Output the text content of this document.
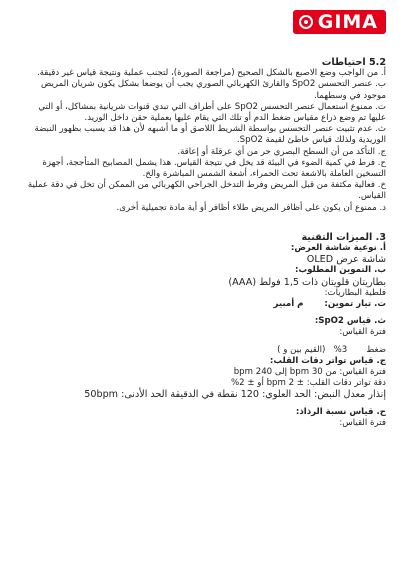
GIMA

5.2 احتياطات

أ. من الواجب وضع الاصبع بالشكل الصحيح (مراجعة الصورة)، لتجنب عملية ونتيجة قياس غير دقيقة.

ب. عنصر التحسس SpO2 والقارئ الكهربائي الصوري يجب أن يوضعا بشكل يكون شريان المريض موجود في وسطهما.

ت. ممنوع استعمال عنصر التحسس SpO2 على أطراف التي تبدي قنوات شريانية بمشاكل، أو التي عليها تم وضع ذراع مقياس ضغط الدم أو تلك التي يقام عليها بعملية حقن داخل الوريد.

ث. عدم تثبيت عنصر التحسس بواسطة الشريط اللاصق أو ما أشبهه لأن هذا قد يسبب بظهور النبضة الوريدية ولذلك قياس خاطئ لقيمة SpO2.

ج. التأكد من أن السطح البصري حر من أي عرقلة أو إعاقة.

ح. فرط في كمية الضوء في البيئة قد يخل في نتيجة القياس. هذا يشمل المصابيح المتأججة، أجهزة التسخين العاملة بالاشعة تحت الحمراء، أشعة الشمس المباشرة والخ.

خ. فعالية مكثفة من قبل المريض وفرط التدخل الجراحي الكهربائي من الممكن أن تخل في دقة عملية القياس.

د. ممنوع أن يكون على أظافر المريض طلاء أظافر أو أية مادة تجميلية أخرى.

3. الميزات التقنية

أ. نوعية شاشة العرض:

شاشة عرض OLED

ب. التموين المطلوب:

بطاريتان قلويتان ذات 1,5 فولط (AAA)

فلطية البطاريات:

ت. تيار تموين:       م أمبير

ث. قياس SpO2:

فترة القياس:

ضغط       3%   (القيم بين و )

ج. قياس تواتر دقات القلب:

فترة القياس: من 30 bpm إلى 240 bpm

دقة تواتر دقات القلب: ± 2 bpm أو ± 2%

إنذار معدل النبض: الحد العلوي: 120 نقطة في الدقيقة الحد الأدنى: 50bpm

ح. قياس نسبة الرذاذ:

فترة القياس:
